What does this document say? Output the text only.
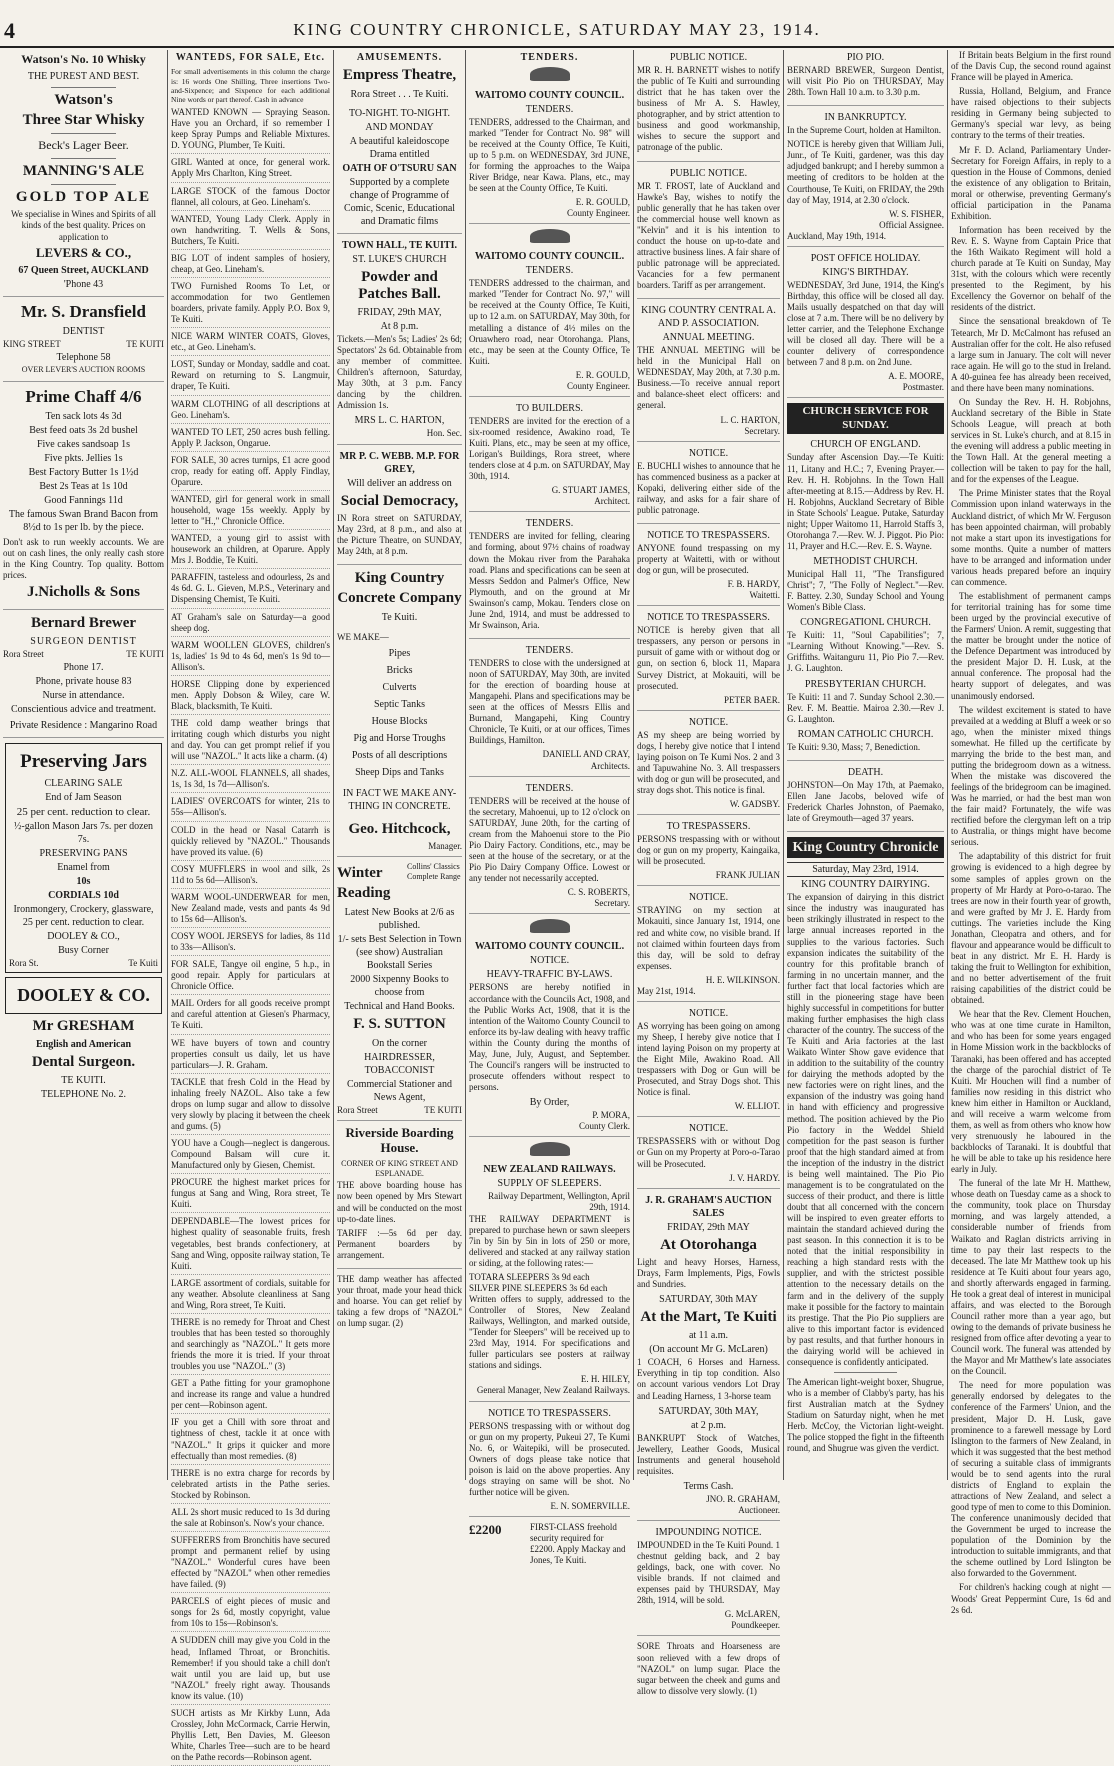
4	KING COUNTRY CHRONICLE, SATURDAY MAY 23, 1914.
Watson's No. 10 Whisky
THE PUREST AND BEST.
Watson's
Three Star Whisky
Beck's Lager Beer.
MANNING'S ALE
GOLD TOP ALE

We specialise in Wines and Spirits of all kinds of the best quality. Prices on application to

LEVERS & CO.,
67 Queen Street, AUCKLAND
'Phone 43
Mr. S. Dransfield
DENTIST
KING STREET	TE KUITI
Telephone 58
OVER LEVER'S AUCTION ROOMS
Prime Chaff 4/6
Ten sack lots 4s 3d
Best feed oats 3s 2d bushel
Five cakes sandsoap 1s
Five pkts. Jellies 1s
Best Factory Butter 1s 1½d
Best 2s Teas at 1s 10d
Good Fannings 11d
The famous Swan Brand Bacon from 8½d to 1s per lb. by the piece.

Don't ask to run weekly accounts. We are out on cash lines, the only really cash store in the King Country. Top quality. Bottom prices.

J.Nicholls & Sons
Bernard Brewer
SURGEON DENTIST
Rora Street	TE KUITI
Phone 17.
Phone, private house 83
Nurse in attendance.
Conscientious advice and treatment.
Private Residence : Mangarino Road
Preserving Jars
CLEARING SALE
End of Jam Season
25 per cent. reduction to clear.
½-gallon Mason Jars 7s. per dozen 7s.
PRESERVING PANS
Enamel from
10s
CORDIALS 10d
Ironmongery, Crockery, glassware, 25 per cent. reduction to clear.
DOOLEY & CO.,
Busy Corner
Rora St.	Te Kuiti
DOOLEY & CO.
Mr GRESHAM
English and American
Dental Surgeon.
TE KUITI.
TELEPHONE No. 2.
WANTEDS, FOR SALE, Etc.

For small advertisements in this column the charge is: 16 words One Shilling, Three insertions Two-and-Sixpence; and Sixpence for each additional Nine words or part thereof. Cash in advance

WANTED KNOWN — Spraying Season. Have you an Orchard, if so remember I keep Spray Pumps and Reliable Mixtures. D. YOUNG, Plumber, Te Kuiti.

GIRL Wanted at once, for general work. Apply Mrs Charlton, King Street.

LARGE STOCK of the famous Doctor flannel, all colours, at Geo. Lineham's.

WANTED, Young Lady Clerk. Apply in own handwriting. T. Wells & Sons, Butchers, Te Kuiti.

BIG LOT of indent samples of hosiery, cheap, at Geo. Lineham's.

TWO Furnished Rooms To Let, or accommodation for two Gentlemen boarders, private family. Apply P.O. Box 9, Te Kuiti.

NICE WARM WINTER COATS, Gloves, etc., at Geo. Lineham's.

LOST, Sunday or Monday, saddle and coat. Reward on returning to S. Langmuir, draper, Te Kuiti.

WARM CLOTHING of all descriptions at Geo. Lineham's.

WANTED TO LET, 250 acres bush felling. Apply P. Jackson, Ongarue.

FOR SALE, 30 acres turnips, £1 acre good crop, ready for eating off. Apply Findlay, Oparure.

WANTED, girl for general work in small household, wage 15s weekly. Apply by letter to "H.," Chronicle Office.

WANTED, a young girl to assist with housework an children, at Oparure. Apply Mrs J. Boddie, Te Kuiti.

PARAFFIN, tasteless and odourless, 2s and 4s 6d. G. L. Gieven, M.P.S., Veterinary and Dispensing Chemist, Te Kuiti.

AT Graham's sale on Saturday—a good sheep dog.

WARM WOOLLEN GLOVES, children's 1s, ladies' 1s 9d to 4s 6d, men's 1s 9d to—Allison's.

HORSE Clipping done by experienced men. Apply Dobson & Wiley, care W. Black, blacksmith, Te Kuiti.

THE cold damp weather brings that irritating cough which disturbs you night and day. You can get prompt relief if you will use "NAZOL." It acts like a charm. (4)

N.Z. ALL-WOOL FLANNELS, all shades, 1s, 1s 3d, 1s 7d—Allison's.

LADIES' OVERCOATS for winter, 21s to 55s—Allison's.

COLD in the head or Nasal Catarrh is quickly relieved by "NAZOL." Thousands have proved its value. (6)

COSY MUFFLERS in wool and silk, 2s 11d to 5s 6d—Allison's.

WARM WOOL-UNDERWEAR for men, New Zealand made, vests and pants 4s 9d to 15s 6d—Allison's.

COSY WOOL JERSEYS for ladies, 8s 11d to 33s—Allison's.

FOR SALE, Tangye oil engine, 5 h.p., in good repair. Apply for particulars at Chronicle Office.

MAIL Orders for all goods receive prompt and careful attention at Giesen's Pharmacy, Te Kuiti.

WE have buyers of town and country properties consult us daily, let us have particulars—J. R. Graham.

TACKLE that fresh Cold in the Head by inhaling freely NAZOL. Also take a few drops on lump sugar and allow to dissolve very slowly by placing it between the cheek and gums. (5)

YOU have a Cough—neglect is dangerous. Compound Balsam will cure it. Manufactured only by Giesen, Chemist.

PROCURE the highest market prices for fungus at Sang and Wing, Rora street, Te Kuiti.

DEPENDABLE—The lowest prices for highest quality of seasonable fruits, fresh vegetables, best brands confectionery, at Sang and Wing, opposite railway station, Te Kuiti.

LARGE assortment of cordials, suitable for any weather. Absolute cleanliness at Sang and Wing, Rora street, Te Kuiti.

THERE is no remedy for Throat and Chest troubles that has been tested so thoroughly and searchingly as "NAZOL." It gets more friends the more it is tried. If your throat troubles you use "NAZOL." (3)

GET a Pathe fitting for your gramophone and increase its range and value a hundred per cent—Robinson agent.

IF you get a Chill with sore throat and tightness of chest, tackle it at once with "NAZOL." It grips it quicker and more effectually than most remedies. (8)

THERE is no extra charge for records by celebrated artists in the Pathe series. Stocked by Robinson.

ALL 2s short music reduced to 1s 3d during the sale at Robinson's. Now's your chance.

SUFFERERS from Bronchitis have secured prompt and permanent relief by using "NAZOL." Wonderful cures have been effected by "NAZOL" when other remedies have failed. (9)

PARCELS of eight pieces of music and songs for 2s 6d, mostly copyright, value from 10s to 15s—Robinson's.

A SUDDEN chill may give you Cold in the head, Inflamed Throat, or Bronchitis. Remember! if you should take a chill don't wait until you are laid up, but use "NAZOL" freely right away. Thousands know its value. (10)

SUCH artists as Mr Kirkby Lunn, Ada Crossley, John McCormack, Carrie Herwin, Phyllis Lett, Ben Davies, M. Gleeson White, Charles Tree—such are to be heard on the Pathe records—Robinson agent.

AMUSEMENTS.
Empress Theatre,
Rora Street . . . Te Kuiti.
TO-NIGHT. TO-NIGHT.
AND MONDAY
A beautiful kaleidoscope Drama entitled
OATH OF O'TSURU SAN
Supported by a complete change of Programme of Comic, Scenic, Educational and Dramatic films
TOWN HALL, TE KUITI.
ST. LUKE'S CHURCH
Powder and Patches Ball.
FRIDAY, 29th MAY,
At 8 p.m.

Tickets.—Men's 5s; Ladies' 2s 6d; Spectators' 2s 6d. Obtainable from any member of committee. Children's afternoon, Saturday, May 30th, at 3 p.m. Fancy dancing by the children. Admission 1s.

MRS L. C. HARTON,
Hon. Sec.
MR P. C. WEBB. M.P. FOR GREY,
Will deliver an address on
Social Democracy,

IN Rora street on SATURDAY, May 23rd, at 8 p.m., and also at the Picture Theatre, on SUNDAY, May 24th, at 8 p.m.

King Country
Concrete Company
Te Kuiti.
WE MAKE—
Pipes
Bricks
Culverts
Septic Tanks
House Blocks
Pig and Horse Troughs
Posts of all descriptions
Sheep Dips and Tanks
IN FACT WE MAKE ANY-THING IN CONCRETE.
Geo. Hitchcock,
Manager.
Winter
Reading
Collins' Classics Complete Range
Latest New Books at 2/6 as published.
1/- sets Best Selection in Town (see show) Australian Bookstall Series
2000 Sixpenny Books to choose from
Technical and Hand Books.
F. S. SUTTON
On the corner
HAIRDRESSER, TOBACCONIST
Commercial Stationer and News Agent,
Rora Street	TE KUITI
Riverside Boarding House.
CORNER OF KING STREET AND ESPLANADE.

THE above boarding house has now been opened by Mrs Stewart and will be conducted on the most up-to-date lines.

TARIFF :—5s 6d per day. Permanent boarders by arrangement.

THE damp weather has affected your throat, made your head thick and hoarse. You can get relief by taking a few drops of "NAZOL" on lump sugar. (2)

TENDERS.
WAITOMO COUNTY COUNCIL.
TENDERS.

TENDERS, addressed to the Chairman, and marked "Tender for Contract No. 98" will be received at the County Office, Te Kuiti, up to 5 p.m. on WEDNESDAY, 3rd JUNE, for forming the approaches to the Waipa River Bridge, near Kawa. Plans, etc., may be seen at the County Office, Te Kuiti.

E. R. GOULD,
County Engineer.
WAITOMO COUNTY COUNCIL.
TENDERS.

TENDERS addressed to the chairman, and marked "Tender for Contract No. 97," will be received at the County Office, Te Kuiti, up to 12 a.m. on SATURDAY, May 30th, for metalling a distance of 4½ miles on the Oruawhero road, near Otorohanga. Plans, etc., may be seen at the County Office, Te Kuiti.

E. R. GOULD,
County Engineer.
TO BUILDERS.

TENDERS are invited for the erection of a six-roomed residence, Awakino road, Te Kuiti. Plans, etc., may be seen at my office, Lorigan's Buildings, Rora street, where tenders close at 4 p.m. on SATURDAY, May 30th, 1914.

G. STUART JAMES,
Architect.
TENDERS.

TENDERS are invited for felling, clearing and forming, about 97½ chains of roadway down the Mokau river from the Parahaka road. Plans and specifications can be seen at Messrs Seddon and Palmer's Office, New Plymouth, and on the ground at Mr Swainson's camp, Mokau. Tenders close on June 2nd, 1914, and must be addressed to Mr Swainson, Aria.

TENDERS.

TENDERS to close with the undersigned at noon of SATURDAY, May 30th, are invited for the erection of boarding house at Mangapehi. Plans and specifications may be seen at the offices of Messrs Ellis and Burnand, Mangapehi, King Country Chronicle, Te Kuiti, or at our offices, Times Buildings, Hamilton.

DANIELL AND CRAY,
Architects.
TENDERS.

TENDERS will be received at the house of the secretary, Mahoenui, up to 12 o'clock on SATURDAY, June 20th, for the carting of cream from the Mahoenui store to the Pio Pio Dairy Factory. Conditions, etc., may be seen at the house of the secretary, or at the Pio Pio Dairy Company Office. Lowest or any tender not necessarily accepted.

C. S. ROBERTS,
Secretary.
WAITOMO COUNTY COUNCIL.
NOTICE.
HEAVY-TRAFFIC BY-LAWS.

PERSONS are hereby notified in accordance with the Councils Act, 1908, and the Public Works Act, 1908, that it is the intention of the Waitomo County Council to enforce its by-law dealing with heavy traffic within the County during the months of May, June, July, August, and September. The Council's rangers will be instructed to prosecute offenders without respect to persons.

By Order,
P. MORA,
County Clerk.
NEW ZEALAND RAILWAYS.
SUPPLY OF SLEEPERS.
Railway Department, Wellington, April 29th, 1914.

THE RAILWAY DEPARTMENT is prepared to purchase hewn or sawn sleepers 7in by 5in by 5in in lots of 250 or more, delivered and stacked at any railway station or siding, at the following rates:—

TOTARA SLEEPERS 3s 9d each
SILVER PINE SLEEPERS 3s 6d each

Written offers to supply, addressed to the Controller of Stores, New Zealand Railways, Wellington, and marked outside, "Tender for Sleepers" will be received up to 23rd May, 1914. For specifications and fuller particulars see posters at railway stations and sidings.

E. H. HILEY,
General Manager, New Zealand Railways.
NOTICE TO TRESPASSERS.

PERSONS trespassing with or without dog or gun on my property, Pukeui 27, Te Kumi No. 6, or Waitepiki, will be prosecuted. Owners of dogs please take notice that poison is laid on the above properties. Any dogs straying on same will be shot. No further notice will be given.

E. N. SOMERVILLE.
£2200	FIRST-CLASS freehold security required for £2200. Apply Mackay and Jones, Te Kuiti.
PUBLIC NOTICE.

MR R. H. BARNETT wishes to notify the public of Te Kuiti and surrounding district that he has taken over the business of Mr A. S. Hawley, photographer, and by strict attention to business and good workmanship, wishes to secure the support and patronage of the public.

PUBLIC NOTICE.

MR T. FROST, late of Auckland and Hawke's Bay, wishes to notify the public generally that he has taken over the commercial house well known as "Kelvin" and it is his intention to conduct the house on up-to-date and attractive business lines. A fair share of public patronage will be appreciated. Vacancies for a few permanent boarders. Tariff as per arrangement.

KING COUNTRY CENTRAL A. AND P. ASSOCIATION.
ANNUAL MEETING.

THE ANNUAL MEETING will be held in the Municipal Hall on WEDNESDAY, May 20th, at 7.30 p.m. Business.—To receive annual report and balance-sheet elect officers: and general.

L. C. HARTON,
Secretary.
NOTICE.

E. BUCHLI wishes to announce that he has commenced business as a packer at Kopaki, delivering either side of the railway, and asks for a fair share of public patronage.

NOTICE TO TRESPASSERS.

ANYONE found trespassing on my property at Waitetti, with or without dog or gun, will be prosecuted.

F. B. HARDY,
Waitetti.
NOTICE TO TRESPASSERS.

NOTICE is hereby given that all trespassers, any person or persons in pursuit of game with or without dog or gun, on section 6, block 11, Mapara Survey District, at Mokauiti, will be prosecuted.

PETER BAER.
NOTICE.

AS my sheep are being worried by dogs, I hereby give notice that I intend laying poison on Te Kumi Nos. 2 and 3 and Tapuwahine No. 3. All trespassers with dog or gun will be prosecuted, and stray dogs shot. This notice is final.

W. GADSBY.
TO TRESPASSERS.

PERSONS trespassing with or without dog or gun on my property, Kaingaika, will be prosecuted.

FRANK JULIAN
NOTICE.

STRAYING on my section at Mokauiti, since January 1st, 1914, one red and white cow, no visible brand. If not claimed within fourteen days from this day, will be sold to defray expenses.

H. E. WILKINSON.
May 21st, 1914.
NOTICE.

AS worrying has been going on among my Sheep, I hereby give notice that I intend laying Poison on my property at the Eight Mile, Awakino Road. All trespassers with Dog or Gun will be Prosecuted, and Stray Dogs shot. This Notice is final.

W. ELLIOT.
NOTICE.

TRESPASSERS with or without Dog or Gun on my Property at Poro-o-Tarao will be Prosecuted.

J. V. HARDY.
J. R. GRAHAM'S AUCTION SALES
FRIDAY, 29th MAY
At Otorohanga

Light and heavy Horses, Harness, Drays, Farm Implements, Pigs, Fowls and Sundries.

SATURDAY, 30th MAY
At the Mart, Te Kuiti
at 11 a.m.
(On account Mr G. McLaren)

1 COACH, 6 Horses and Harness. Everything in tip top condition. Also on account various vendors Lot Dray and Leading Harness, 1 3-horse team

SATURDAY, 30th MAY,
at 2 p.m.

BANKRUPT Stock of Watches, Jewellery, Leather Goods, Musical Instruments and general household requisites.

Terms Cash.
JNO. R. GRAHAM,
Auctioneer.
IMPOUNDING NOTICE.

IMPOUNDED in the Te Kuiti Pound. 1 chestnut gelding back, and 2 bay geldings, back, one with cover. No visible brands. If not claimed and expenses paid by THURSDAY, May 28th, 1914, will be sold.

G. McLAREN,
Poundkeeper.

SORE Throats and Hoarseness are soon relieved with a few drops of "NAZOL" on lump sugar. Place the sugar between the cheek and gums and allow to dissolve very slowly. (1)

PIO PIO.

BERNARD BREWER, Surgeon Dentist, will visit Pio Pio on THURSDAY, May 28th. Town Hall 10 a.m. to 3.30 p.m.

IN BANKRUPTCY.

In the Supreme Court, holden at Hamilton.

NOTICE is hereby given that William Juli, Junr., of Te Kuiti, gardener, was this day adjudged bankrupt; and I hereby summon a meeting of creditors to be holden at the Courthouse, Te Kuiti, on FRIDAY, the 29th day of May, 1914, at 2.30 o'clock.

W. S. FISHER,
Official Assignee.
Auckland, May 19th, 1914.
POST OFFICE HOLIDAY.
KING'S BIRTHDAY.

WEDNESDAY, 3rd June, 1914, the King's Birthday, this office will be closed all day. Mails usually despatched on that day will close at 7 a.m. There will be no delivery by letter carrier, and the Telephone Exchange will be closed all day. There will be a counter delivery of correspondence between 7 and 8 p.m. on 2nd June.

A. E. MOORE,
Postmaster.
CHURCH SERVICE FOR SUNDAY.
CHURCH OF ENGLAND.

Sunday after Ascension Day.—Te Kuiti: 11, Litany and H.C.; 7, Evening Prayer.—Rev. H. H. Robjohns. In the Town Hall after-meeting at 8.15.—Address by Rev. H. H. Robjohns, Auckland Secretary of Bible in State Schools' League. Putake, Saturday night; Upper Waitomo 11, Harrold Staffs 3, Otorohanga 7.—Rev. W. J. Piggot. Pio Pio: 11, Prayer and H.C.—Rev. E. S. Wayne.

METHODIST CHURCH.

Municipal Hall 11, "The Transfigured Christ"; 7, "The Folly of Neglect."—Rev. F. Battey. 2.30, Sunday School and Young Women's Bible Class.

CONGREGATIONL CHURCH.

Te Kuiti: 11, "Soul Capabilities"; 7, "Learning Without Knowing."—Rev. S. Griffiths. Waitanguru 11, Pio Pio 7.—Rev. J. G. Laughton.

PRESBYTERIAN CHURCH.

Te Kuiti: 11 and 7. Sunday School 2.30.—Rev. F. M. Beattie. Mairoa 2.30.—Rev J. G. Laughton.

ROMAN CATHOLIC CHURCH.

Te Kuiti: 9.30, Mass; 7, Benediction.

DEATH.

JOHNSTON—On May 17th, at Paemako, Ellen Jane Jacobs, beloved wife of Frederick Charles Johnston, of Paemako, late of Greymouth—aged 37 years.

King Country Chronicle
Saturday, May 23rd, 1914.
KING COUNTRY DAIRYING.

The expansion of dairying in this district since the industry was inaugurated has been strikingly illustrated in respect to the large annual increases reported in the supplies to the various factories. Such expansion indicates the suitability of the country for this profitable branch of farming in no uncertain manner, and the further fact that local factories which are still in the pioneering stage have been highly successful in competitions for butter making further emphasises the high class character of the country. The success of the Te Kuiti and Aria factories at the last Waikato Winter Show gave evidence that in addition to the suitability of the country for dairying the methods adopted by the new factories were on right lines, and the expansion of the industry was going hand in hand with efficiency and progressive method. The position achieved by the Pio Pio factory in the Weddel Shield competition for the past season is further proof that the high standard aimed at from the inception of the industry in the district is being well maintained. The Pio Pio management is to be congratulated on the success of their product, and there is little doubt that all concerned with the concern will be inspired to even greater efforts to maintain the standard achieved during the past season. In this connection it is to be noted that the initial responsibility in reaching a high standard rests with the supplier, and with the strictest possible attention to the necessary details on the farm and in the delivery of the supply make it possible for the factory to maintain its prestige. That the Pio Pio suppliers are alive to this important factor is evidenced by past results, and that further honours in the dairying world will be achieved in consequence is confidently anticipated.

The American light-weight boxer, Shugrue, who is a member of Clabby's party, has his first Australian match at the Sydney Stadium on Saturday night, when he met Herb. McCoy, the Victorian light-weight. The police stopped the fight in the fifteenth round, and Shugrue was given the verdict.

If Britain beats Belgium in the first round of the Davis Cup, the second round against France will be played in America.

Russia, Holland, Belgium, and France have raised objections to their subjects residing in Germany being subjected to Germany's special war levy, as being contrary to the terms of their treaties.

Mr F. D. Acland, Parliamentary Under-Secretary for Foreign Affairs, in reply to a question in the House of Commons, denied the existence of any obligation to Britain, moral or otherwise, preventing Germany's official participation in the Panama Exhibition.

Information has been received by the Rev. E. S. Wayne from Captain Price that the 16th Waikato Regiment will hold a church parade at Te Kuiti on Sunday, May 31st, with the colours which were recently presented to the Regiment, by his Excellency the Governor on behalf of the residents of the district.

Since the sensational breakdown of Te Tetearch, Mr D. McCalmont has refused an Australian offer for the colt. He also refused a large sum in January. The colt will never race again. He will go to the stud in Ireland. A 40-guinea fee has already been received, and there have been many nominations.

On Sunday the Rev. H. H. Robjohns, Auckland secretary of the Bible in State Schools League, will preach at both services in St. Luke's church, and at 8.15 in the evening will address a public meeting in the Town Hall. At the general meeting a collection will be taken to pay for the hall, and for the expenses of the League.

The Prime Minister states that the Royal Commission upon inland waterways in the Auckland district, of which Mr W. Ferguson has been appointed chairman, will probably not make a start upon its investigations for some months. Quite a number of matters have to be arranged and information under various heads prepared before an inquiry can commence.

The establishment of permanent camps for territorial training has for some time been urged by the provincial executive of the Farmers' Union. A remit, suggesting that the matter be brought under the notice of the Defence Department was introduced by the president Major D. H. Lusk, at the annual conference. The proposal had the hearty support of delegates, and was unanimously endorsed.

The wildest excitement is stated to have prevailed at a wedding at Bluff a week or so ago, when the minister mixed things somewhat. He filled up the certificate by marrying the bride to the best man, and putting the bridegroom down as a witness. When the mistake was discovered the feelings of the bridegroom can be imagined. Was he married, or had the best man won the fair maid? Fortunately, the wife was rectified before the clergyman left on a trip to Australia, or things might have become serious.

The adaptability of this district for fruit growing is evidenced to a high degree by some samples of apples grown on the property of Mr Hardy at Poro-o-tarao. The trees are now in their fourth year of growth, and were grafted by Mr J. E. Hardy from cuttings. The varieties include the King Jonathan, Cleopatra and others, and for flavour and appearance would be difficult to beat in any district. Mr E. H. Hardy is taking the fruit to Wellington for exhibition, and no better advertisement of the fruit raising capabilities of the district could be obtained.

We hear that the Rev. Clement Houchen, who was at one time curate in Hamilton, and who has been for some years engaged in Home Mission work in the backblocks of Taranaki, has been offered and has accepted the charge of the parochial district of Te Kuiti. Mr Houchen will find a number of families now residing in this district who knew him either in Hamilton or Auckland, and will receive a warm welcome from them, as well as from others who know how very strenuously he laboured in the backblocks of Taranaki. It is doubtful that he will be able to take up his residence here early in July.

The funeral of the late Mr H. Matthew, whose death on Tuesday came as a shock to the community, took place on Thursday morning, and was largely attended, a considerable number of friends from Waikato and Raglan districts arriving in time to pay their last respects to the deceased. The late Mr Matthew took up his residence at Te Kuiti about four years ago, and shortly afterwards engaged in farming. He took a great deal of interest in municipal affairs, and was elected to the Borough Council rather more than a year ago, but owing to the demands of private business he resigned from office after devoting a year to Council work. The funeral was attended by the Mayor and Mr Matthew's late associates on the Council.

The need for more population was generally endorsed by delegates to the conference of the Farmers' Union, and the president, Major D. H. Lusk, gave prominence to a farewell message by Lord Islington to the farmers of New Zealand, in which it was suggested that the best method of securing a suitable class of immigrants would be to send agents into the rural districts of England to explain the attractions of New Zealand, and select a good type of men to come to this Dominion. The conference unanimously decided that the Government be urged to increase the population of the Dominion by the introduction to suitable immigrants, and that the scheme outlined by Lord Islington be also forwarded to the Government.

For children's hacking cough at night — Woods' Great Peppermint Cure, 1s 6d and 2s 6d.
